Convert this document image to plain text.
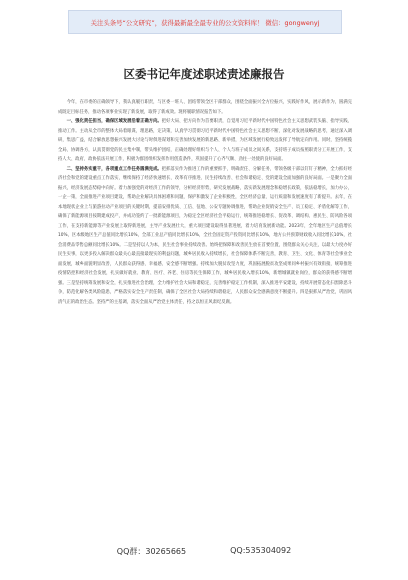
关注头条号“公文研究”，获得最新最全最专业的公文资料库！ 微信：gongwenyj
区委书记年度述职述责述廉报告

今年，在市委的正确领导下，我认真履行职责，与区委一班人、团结带领全区干部群众，围绕全面振兴全方位振兴，实践好作风，展示新作为，圆满完成既定目标任务，推动各项事业实现了新发展，取得了新成效。现将履职情况报告如下。

一、强化责任担当，确保区域发展沿着正确方向。把好大局、把方向作为首要职责，自觉用习近平新时代中国特色社会主义思想武装头脑、指导实践、推动工作。主动从全市的整体大局着眼谋，理思路，定决策，认真学习贯彻习近平新时代中国特色社会主义思想不断，深化对发展战略的思考，通过深入调研，集思广益，结合解放思想振兴发展大讨论与时俱进谋划和完善加快发展的新思路、新举措，为区域发展行稳致远发挥了导航定向作用。同时，坚持统揽全局、协调各方，认真贯彻党的民主集中制，带头维护团结，正确处理好组织与个人、个人与班子成员之间关系，支持班子成员按照职责分工开展工作，支持人大、政府、政协依法开展工作，积极为群团组织发挥作用创造条件，巩固提升了心齐气顺、劲往一处使的良好局面。

二、坚持务实重干，各项重点工作任务圆满完成。把抓落实作为推进工作的重要抓手，明确责任、分解任务，带领各级干部以钉钉子精神，全力抓好经济社会和党的建设重点工作落实，继续保持了经济快速增长、改革有序推进、民生持续改善、社会和谐稳定、党的建设全面加强的良好局面。一是聚力全面振兴，经济发展态势稳中向好。着力加强党的对经济工作的领导，分析经济形势，研究发展战略，落实新发展理念和稳增长政策，依法稳增长，加力办公，一企一策，全面推进产业项目建设，帮助企业解决具体困难和问题，保护和激发了企业积极性，全区经济总量、运行质量和发展速度有了新提升。去年，在本地现状企业上与旅游拉动产业项目的关键时期，提前安排优质、工信、征地、公安专题协调推进，帮助企业促销安全生产、员工稳定、矛盾化解等工作，确保了新能源项目按期建成投产，并成功签约了一批新能源项目，为稳定全区经济社会平稳运行，统筹推进稳增长、促改革、调结构、惠民生、防风险各项工作，在支持新能源等产业发展上取得新进展，主导产业发展壮大，重大项目建设取得显著进展，着力培育发展新动能。2023年，全年地区生产总值增长10%，区本级地区生产总值同比增长10%，全部工业总产值同比增长10%，全社会固定资产投资同比增长10%，地方公共预算财政收入同比增长10%，社会消费品零售总额同比增长10%。二是坚持以人为本，民生社会事业持续改善。始终把保障和改善民生放在首要位置，围绕群众关心关注，以最大力度办好民生实事，以更多投入解决群众最关心最直接最现实的利益问题，城乡居民收入持续增长，社会保障体系不断完善，教育、卫生、文化、体育等社会事业全面发展，城乡面貌明显改善，人民群众获得感、幸福感、安全感不断增强。持续加大脱贫攻坚力度，巩固拓展脱贫攻坚成果同乡村振兴有效衔接，统筹推进疫情防控和经济社会发展，扎实做好就业、教育、医疗、养老、住房等民生保障工作，城乡居民收入增长10%，新增城镇就业岗位，群众的获得感不断增强。三是坚持统筹发展和安全，扎实推进社会治理，全力维护社会大局和谐稳定，完善维护稳定工作机制，深入推进平安建设，持续开展常态化扫黑除恶斗争，防范化解各类风险隐患，严格落实安全生产责任制，确保了全区社会大局持续和谐稳定，人民群众安全感满意度不断提升。四是狠抓从严治党，巩固风清气正的政治生态。坚持严的主基调，落实全面从严治党主体责任，持之以恒正风肃纪反腐。

QQ群：30265665	QQ:535304092
